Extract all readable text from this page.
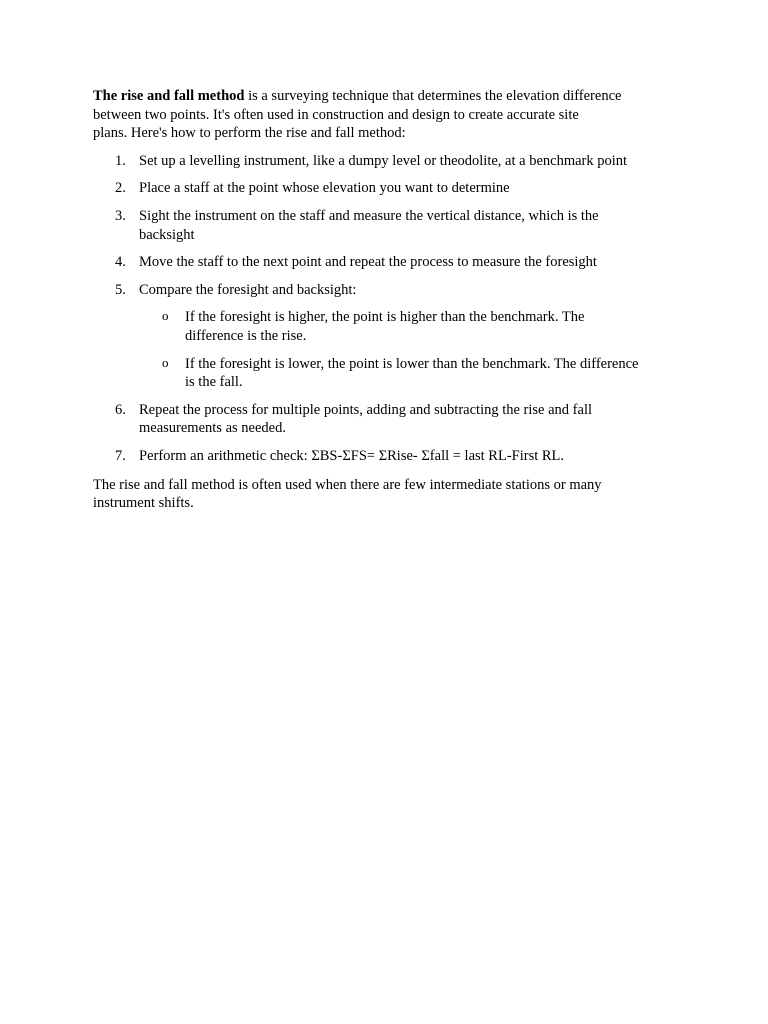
The rise and fall method is a surveying technique that determines the elevation difference
between two points. It's often used in construction and design to create accurate site
plans. Here's how to perform the rise and fall method:

1. Set up a levelling instrument, like a dumpy level or theodolite, at a benchmark point
2. Place a staff at the point whose elevation you want to determine
3. Sight the instrument on the staff and measure the vertical distance, which is the
backsight
4. Move the staff to the next point and repeat the process to measure the foresight
5. Compare the foresight and backsight:
o If the foresight is higher, the point is higher than the benchmark. The
difference is the rise.
o If the foresight is lower, the point is lower than the benchmark. The difference
is the fall.
6. Repeat the process for multiple points, adding and subtracting the rise and fall
measurements as needed.
7. Perform an arithmetic check: ΣBS-ΣFS= ΣRise- Σfall = last RL-First RL.

The rise and fall method is often used when there are few intermediate stations or many
instrument shifts.
